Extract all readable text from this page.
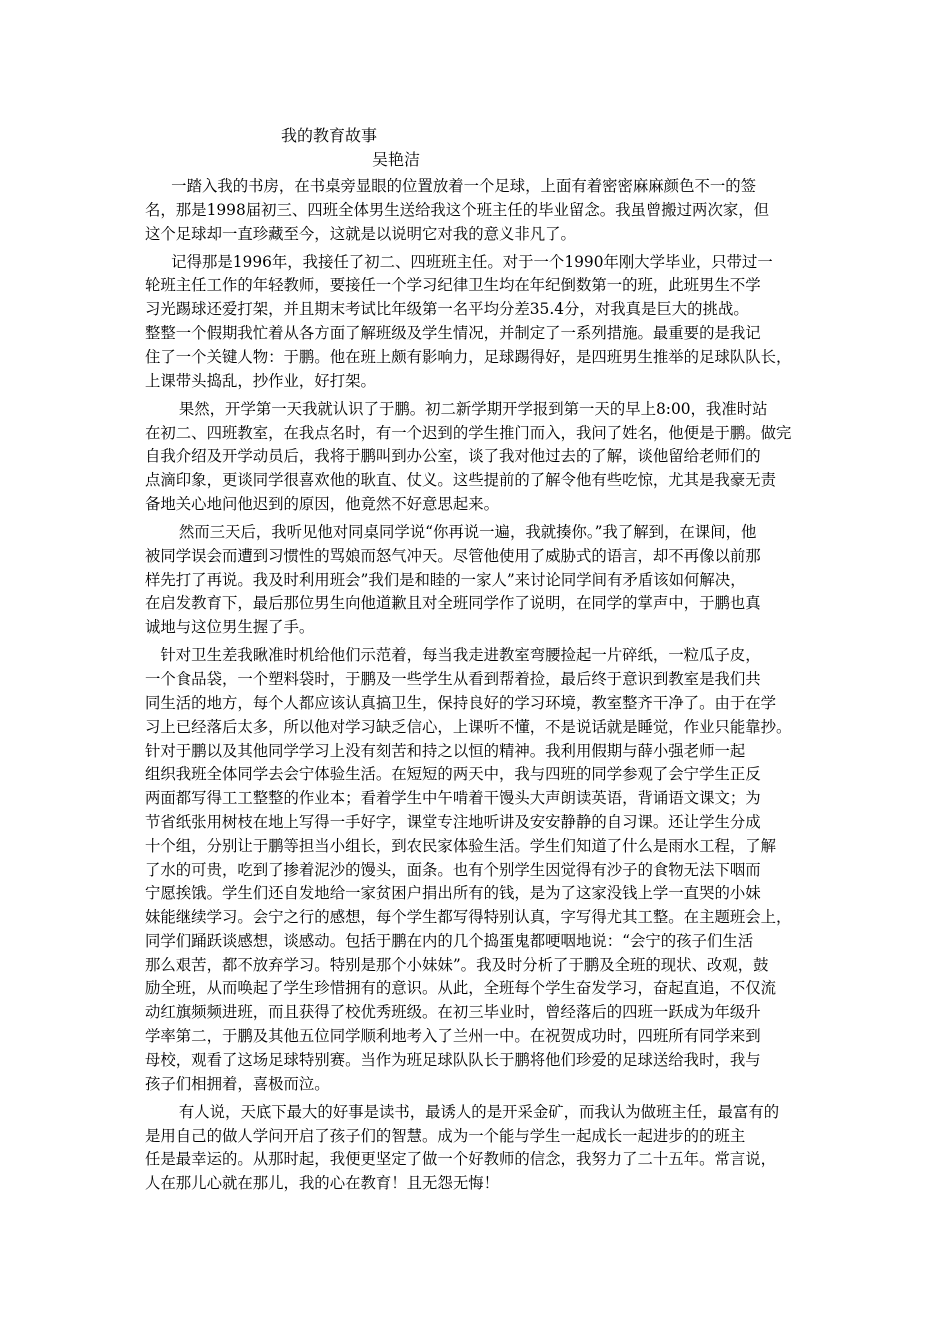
我的教育故事
吴艳洁
一踏入我的书房，在书桌旁显眼的位置放着一个足球，上面有着密密麻麻颜色不一的签
名，那是1998届初三、四班全体男生送给我这个班主任的毕业留念。我虽曾搬过两次家，但
这个足球却一直珍藏至今，这就是以说明它对我的意义非凡了。
记得那是1996年，我接任了初二、四班班主任。对于一个1990年刚大学毕业，只带过一
轮班主任工作的年轻教师，要接任一个学习纪律卫生均在年纪倒数第一的班，此班男生不学
习光踢球还爱打架，并且期末考试比年级第一名平均分差35.4分，对我真是巨大的挑战。
整整一个假期我忙着从各方面了解班级及学生情况，并制定了一系列措施。最重要的是我记
住了一个关键人物：于鹏。他在班上颇有影响力，足球踢得好，是四班男生推举的足球队队长，
上课带头捣乱，抄作业，好打架。
果然，开学第一天我就认识了于鹏。初二新学期开学报到第一天的早上8:00，我准时站
在初二、四班教室，在我点名时，有一个迟到的学生推门而入，我问了姓名，他便是于鹏。做完
自我介绍及开学动员后，我将于鹏叫到办公室，谈了我对他过去的了解，谈他留给老师们的
点滴印象，更谈同学很喜欢他的耿直、仗义。这些提前的了解令他有些吃惊，尤其是我豪无责
备地关心地问他迟到的原因，他竟然不好意思起来。
然而三天后，我听见他对同桌同学说“你再说一遍，我就揍你。”我了解到，在课间，他
被同学误会而遭到习惯性的骂娘而怒气冲天。尽管他使用了威胁式的语言，却不再像以前那
样先打了再说。我及时利用班会”我们是和睦的一家人”来讨论同学间有矛盾该如何解决，
在启发教育下，最后那位男生向他道歉且对全班同学作了说明，在同学的掌声中，于鹏也真
诚地与这位男生握了手。
针对卫生差我瞅准时机给他们示范着，每当我走进教室弯腰捡起一片碎纸，一粒瓜子皮，
一个食品袋，一个塑料袋时，于鹏及一些学生从看到帮着捡，最后终于意识到教室是我们共
同生活的地方，每个人都应该认真搞卫生，保持良好的学习环境，教室整齐干净了。由于在学
习上已经落后太多，所以他对学习缺乏信心，上课听不懂，不是说话就是睡觉，作业只能靠抄。
针对于鹏以及其他同学学习上没有刻苦和持之以恒的精神。我利用假期与薛小强老师一起
组织我班全体同学去会宁体验生活。在短短的两天中，我与四班的同学参观了会宁学生正反
两面都写得工工整整的作业本；看着学生中午啃着干馒头大声朗读英语，背诵语文课文；为
节省纸张用树枝在地上写得一手好字，课堂专注地听讲及安安静静的自习课。还让学生分成
十个组，分别让于鹏等担当小组长，到农民家体验生活。学生们知道了什么是雨水工程，了解
了水的可贵，吃到了掺着泥沙的馒头，面条。也有个别学生因觉得有沙子的食物无法下咽而
宁愿挨饿。学生们还自发地给一家贫困户捐出所有的钱，是为了这家没钱上学一直哭的小妹
妹能继续学习。会宁之行的感想，每个学生都写得特别认真，字写得尤其工整。在主题班会上，
同学们踊跃谈感想，谈感动。包括于鹏在内的几个捣蛋鬼都哽咽地说：“会宁的孩子们生活
那么艰苦，都不放弃学习。特别是那个小妹妹”。我及时分析了于鹏及全班的现状、改观，鼓
励全班，从而唤起了学生珍惜拥有的意识。从此，全班每个学生奋发学习，奋起直追，不仅流
动红旗频频进班，而且获得了校优秀班级。在初三毕业时，曾经落后的四班一跃成为年级升
学率第二，于鹏及其他五位同学顺利地考入了兰州一中。在祝贺成功时，四班所有同学来到
母校，观看了这场足球特别赛。当作为班足球队队长于鹏将他们珍爱的足球送给我时，我与
孩子们相拥着，喜极而泣。
有人说，天底下最大的好事是读书，最诱人的是开采金矿，而我认为做班主任，最富有的
是用自己的做人学问开启了孩子们的智慧。成为一个能与学生一起成长一起进步的的班主
任是最幸运的。从那时起，我便更坚定了做一个好教师的信念，我努力了二十五年。常言说，
人在那儿心就在那儿，我的心在教育！且无怨无悔！
